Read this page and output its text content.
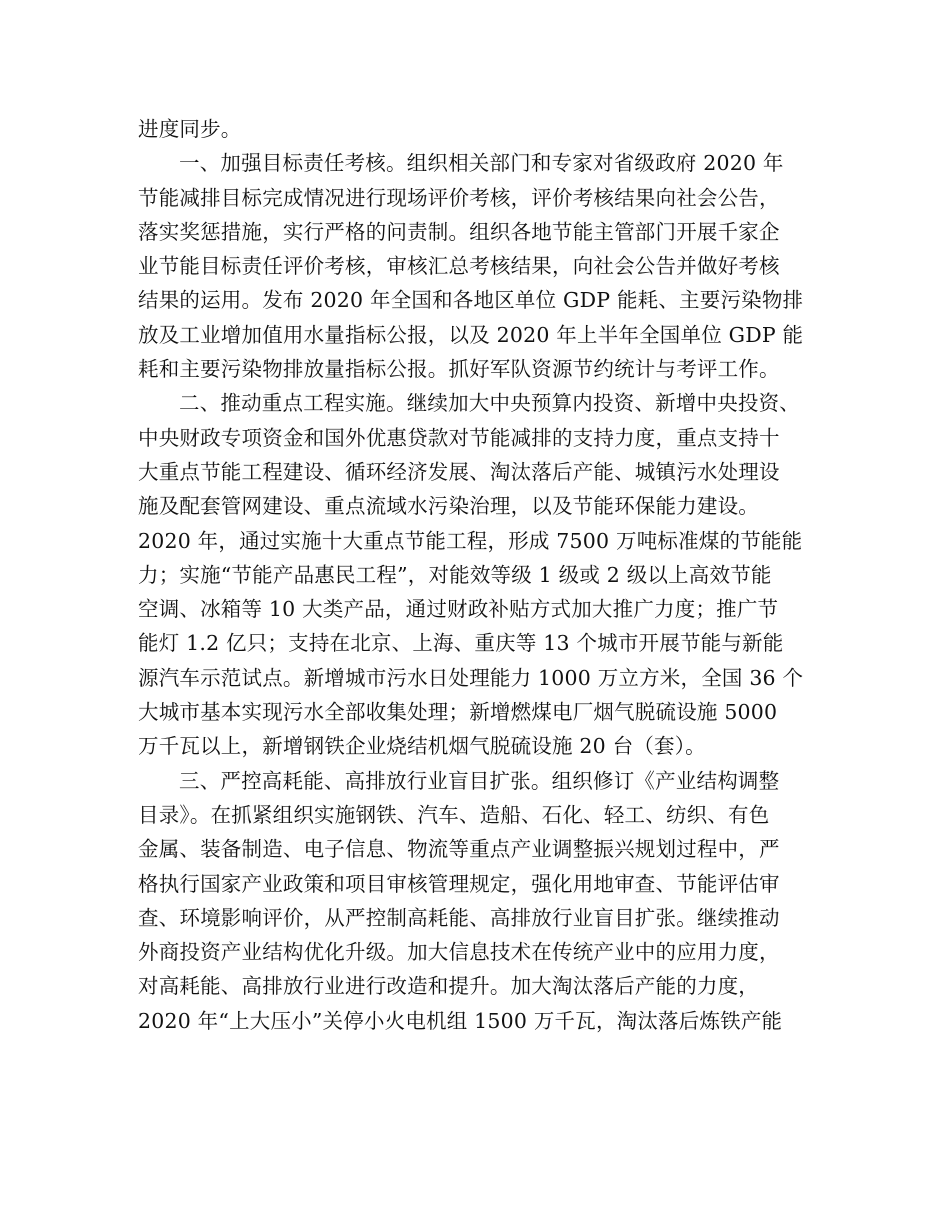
进度同步。
一、加强目标责任考核。组织相关部门和专家对省级政府 2020 年
节能减排目标完成情况进行现场评价考核，评价考核结果向社会公告，
落实奖惩措施，实行严格的问责制。组织各地节能主管部门开展千家企
业节能目标责任评价考核，审核汇总考核结果，向社会公告并做好考核
结果的运用。发布 2020 年全国和各地区单位 GDP 能耗、主要污染物排
放及工业增加值用水量指标公报，以及 2020 年上半年全国单位 GDP 能
耗和主要污染物排放量指标公报。抓好军队资源节约统计与考评工作。
二、推动重点工程实施。继续加大中央预算内投资、新增中央投资、
中央财政专项资金和国外优惠贷款对节能减排的支持力度，重点支持十
大重点节能工程建设、循环经济发展、淘汰落后产能、城镇污水处理设
施及配套管网建设、重点流域水污染治理，以及节能环保能力建设。
2020 年，通过实施十大重点节能工程，形成 7500 万吨标准煤的节能能
力；实施“节能产品惠民工程”，对能效等级 1 级或 2 级以上高效节能
空调、冰箱等 10 大类产品，通过财政补贴方式加大推广力度；推广节
能灯 1.2 亿只；支持在北京、上海、重庆等 13 个城市开展节能与新能
源汽车示范试点。新增城市污水日处理能力 1000 万立方米，全国 36 个
大城市基本实现污水全部收集处理；新增燃煤电厂烟气脱硫设施 5000
万千瓦以上，新增钢铁企业烧结机烟气脱硫设施 20 台（套）。
三、严控高耗能、高排放行业盲目扩张。组织修订《产业结构调整
目录》。在抓紧组织实施钢铁、汽车、造船、石化、轻工、纺织、有色
金属、装备制造、电子信息、物流等重点产业调整振兴规划过程中，严
格执行国家产业政策和项目审核管理规定，强化用地审查、节能评估审
查、环境影响评价，从严控制高耗能、高排放行业盲目扩张。继续推动
外商投资产业结构优化升级。加大信息技术在传统产业中的应用力度，
对高耗能、高排放行业进行改造和提升。加大淘汰落后产能的力度，
2020 年“上大压小”关停小火电机组 1500 万千瓦，淘汰落后炼铁产能
